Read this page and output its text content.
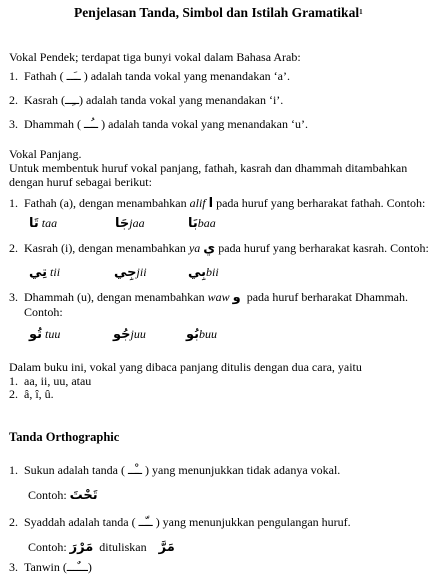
Penjelasan Tanda, Simbol dan Istilah Gramatikal$^1$
Vokal Pendek; terdapat tiga bunyi vokal dalam Bahasa Arab:
1. Fathah ( ــَــ ) adalah tanda vokal yang menandakan ‘a’.
2. Kasrah (ــِــ) adalah tanda vokal yang menandakan ‘i’.
3. Dhammah ( ــُــ ) adalah tanda vokal yang menandakan ‘u’.
Vokal Panjang.
Untuk membentuk huruf vokal panjang, fathah, kasrah dan dhammah ditambahkan
dengan huruf sebagai berikut:
1. Fathah (a), dengan menambahkan alif ا pada huruf yang berharakat fathah. Contoh:
تَا taa	جَاjaa	بَاbaa
2. Kasrah (i), dengan menambahkan ya ي pada huruf yang berharakat kasrah. Contoh:
تِي tii	جِيjii	بِيbii
3. Dhammah (u), dengan menambahkan waw و pada huruf berharakat Dhammah.
Contoh:
تُو tuu	جُوjuu	بُوbuu
Dalam buku ini, vokal yang dibaca panjang ditulis dengan dua cara, yaitu
1. aa, ii, uu, atau
2. â, î, û.
Tanda Orthographic
1. Sukun adalah tanda ( ــْــ ) yang menunjukkan tidak adanya vokal.
Contoh: تَحْتَ
2. Syaddah adalah tanda ( ــّــ ) yang menunjukkan pengulangan huruf.
Contoh: مَرْرَ dituliskan مَرَّ
3. Tanwin (ـــٌـــ)
